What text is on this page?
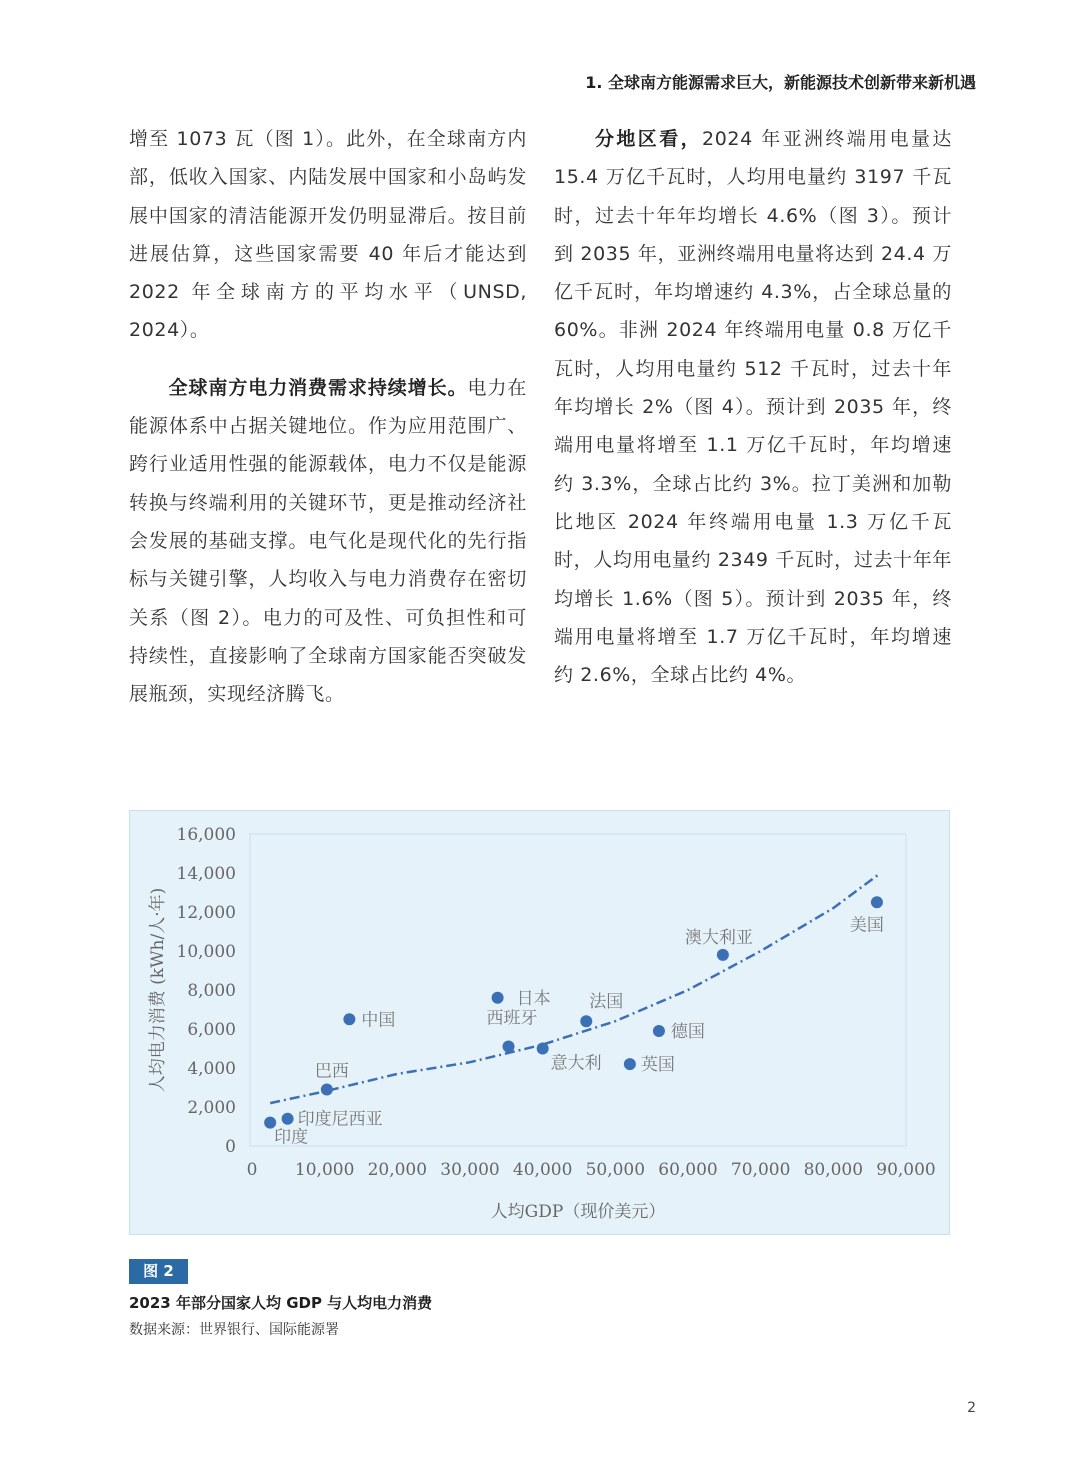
1. 全球南方能源需求巨大，新能源技术创新带来新机遇

增至 1073 瓦（图 1）。此外，在全球南方内部，低收入国家、内陆发展中国家和小岛屿发展中国家的清洁能源开发仍明显滞后。按目前进展估算，这些国家需要 40 年后才能达到 2022 年全球南方的平均水平（UNSD, 2024）。

  全球南方电力消费需求持续增长。电力在能源体系中占据关键地位。作为应用范围广、跨行业适用性强的能源载体，电力不仅是能源转换与终端利用的关键环节，更是推动经济社会发展的基础支撑。电气化是现代化的先行指标与关键引擎，人均收入与电力消费存在密切关系（图 2）。电力的可及性、可负担性和可持续性，直接影响了全球南方国家能否突破发展瓶颈，实现经济腾飞。

  分地区看，2024 年亚洲终端用电量达 15.4 万亿千瓦时，人均用电量约 3197 千瓦时，过去十年年均增长 4.6%（图 3）。预计到 2035 年，亚洲终端用电量将达到 24.4 万亿千瓦时，年均增速约 4.3%，占全球总量的 60%。非洲 2024 年终端用电量 0.8 万亿千瓦时，人均用电量约 512 千瓦时，过去十年年均增长 2%（图 4）。预计到 2035 年，终端用电量将增至 1.1 万亿千瓦时，年均增速约 3.3%，全球占比约 3%。拉丁美洲和加勒比地区 2024 年终端用电量 1.3 万亿千瓦时，人均用电量约 2349 千瓦时，过去十年年均增长 1.6%（图 5）。预计到 2035 年，终端用电量将增至 1.7 万亿千瓦时，年均增速约 2.6%，全球占比约 4%。

0
2,000
4,000
6,000
8,000
10,000
12,000
14,000
16,000
0 10,000 20,000 30,000 40,000 50,000 60,000 70,000 80,000 90,000
印度
印度尼西亚
巴西
中国
日本
西班牙
意大利
法国
德国
英国
澳大利亚
美国
人均电力消费 (kWh/人·年)
人均GDP（现价美元）
图 2
2023 年部分国家人均 GDP 与人均电力消费
数据来源：世界银行、国际能源署
2
